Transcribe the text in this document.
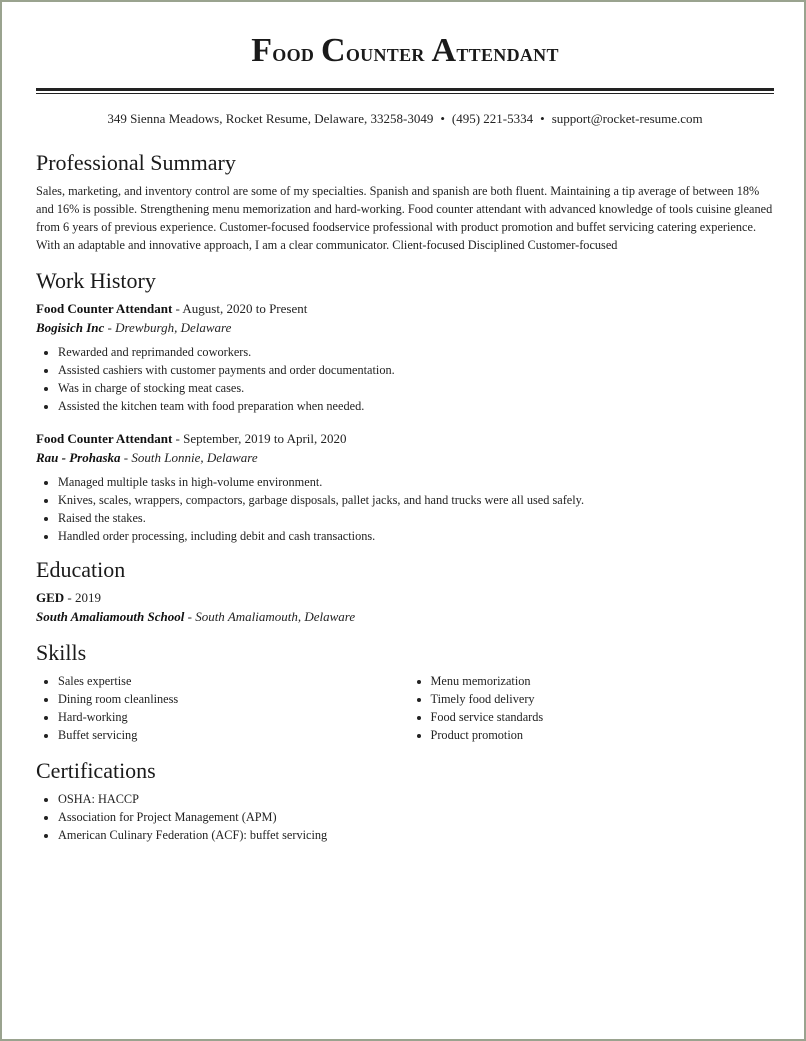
Food Counter Attendant
349 Sienna Meadows, Rocket Resume, Delaware, 33258-3049 • (495) 221-5334 • support@rocket-resume.com
Professional Summary

Sales, marketing, and inventory control are some of my specialties. Spanish and spanish are both fluent. Maintaining a tip average of between 18% and 16% is possible. Strengthening menu memorization and hard-working. Food counter attendant with advanced knowledge of tools cuisine gleaned from 6 years of previous experience. Customer-focused foodservice professional with product promotion and buffet servicing catering experience. With an adaptable and innovative approach, I am a clear communicator. Client-focused Disciplined Customer-focused

Work History
Food Counter Attendant - August, 2020 to Present
Bogisich Inc - Drewburgh, Delaware
• Rewarded and reprimanded coworkers.
• Assisted cashiers with customer payments and order documentation.
• Was in charge of stocking meat cases.
• Assisted the kitchen team with food preparation when needed.
Food Counter Attendant - September, 2019 to April, 2020
Rau - Prohaska - South Lonnie, Delaware
• Managed multiple tasks in high-volume environment.
• Knives, scales, wrappers, compactors, garbage disposals, pallet jacks, and hand trucks were all used safely.
• Raised the stakes.
• Handled order processing, including debit and cash transactions.
Education
GED - 2019
South Amaliamouth School - South Amaliamouth, Delaware
Skills
• Sales expertise
• Dining room cleanliness
• Hard-working
• Buffet servicing
• Menu memorization
• Timely food delivery
• Food service standards
• Product promotion
Certifications
• OSHA: HACCP
• Association for Project Management (APM)
• American Culinary Federation (ACF): buffet servicing
